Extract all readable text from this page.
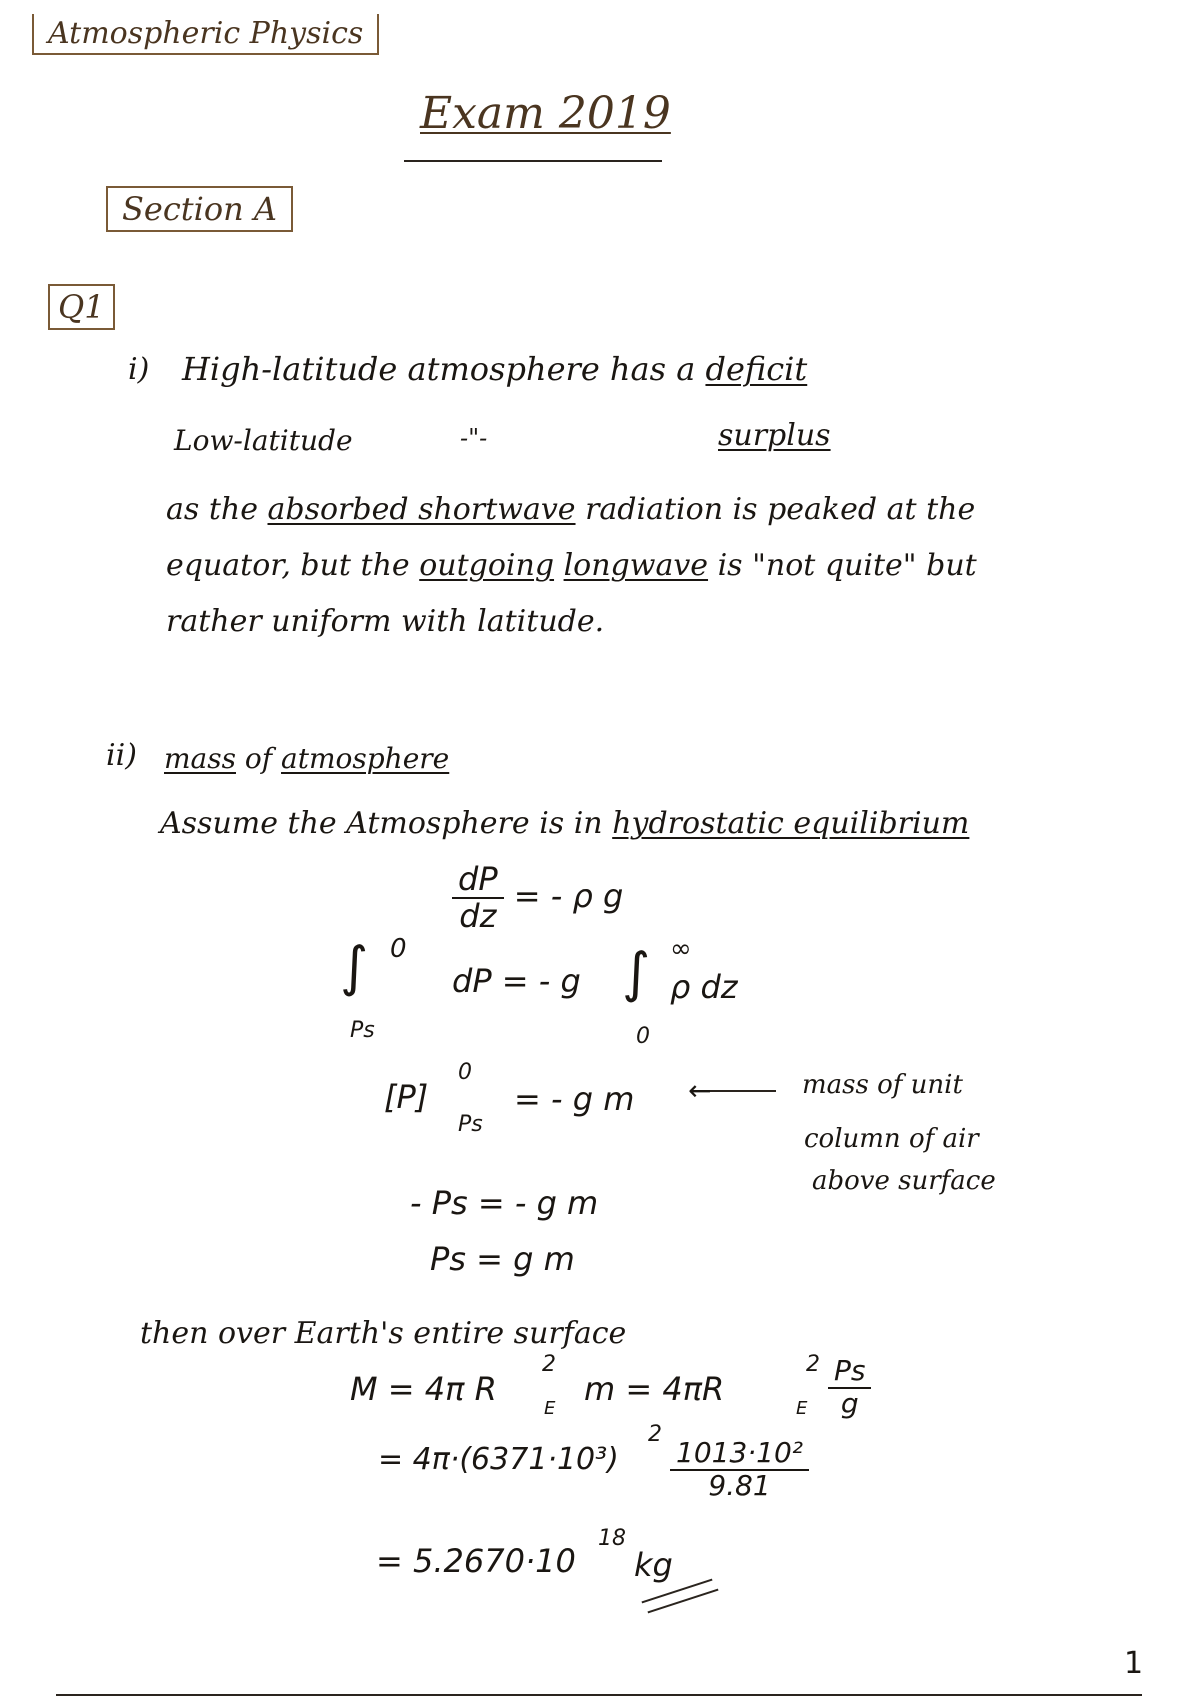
Atmospheric Physics
Exam 2019
Section A
Q1
i) High-latitude atmosphere has a deficit
Low-latitude	-"-	surplus
as the absorbed shortwave radiation is peaked at the
equator, but the outgoing longwave is "not quite" but
rather uniform with latitude.
ii) mass of atmosphere
Assume the Atmosphere is in hydrostatic equilibrium
$\frac{dP}{dz}$ = - ρ g
∫ 0
Ps
dP = - g ∫ ∞
0
ρ dz
[P]
0
Ps
= - g m ←	mass of unit
column of air
above surface
- Ps = - g m
Ps = g m
then over Earth's entire surface
M = 4π R
2
E
m = 4πR
2
E $\frac{Ps}{g}$
= 4π·(6371·10³)
2
$\frac{\text{1013·10²}}{9.81}$
= 5.2670·10
18
kg
1
